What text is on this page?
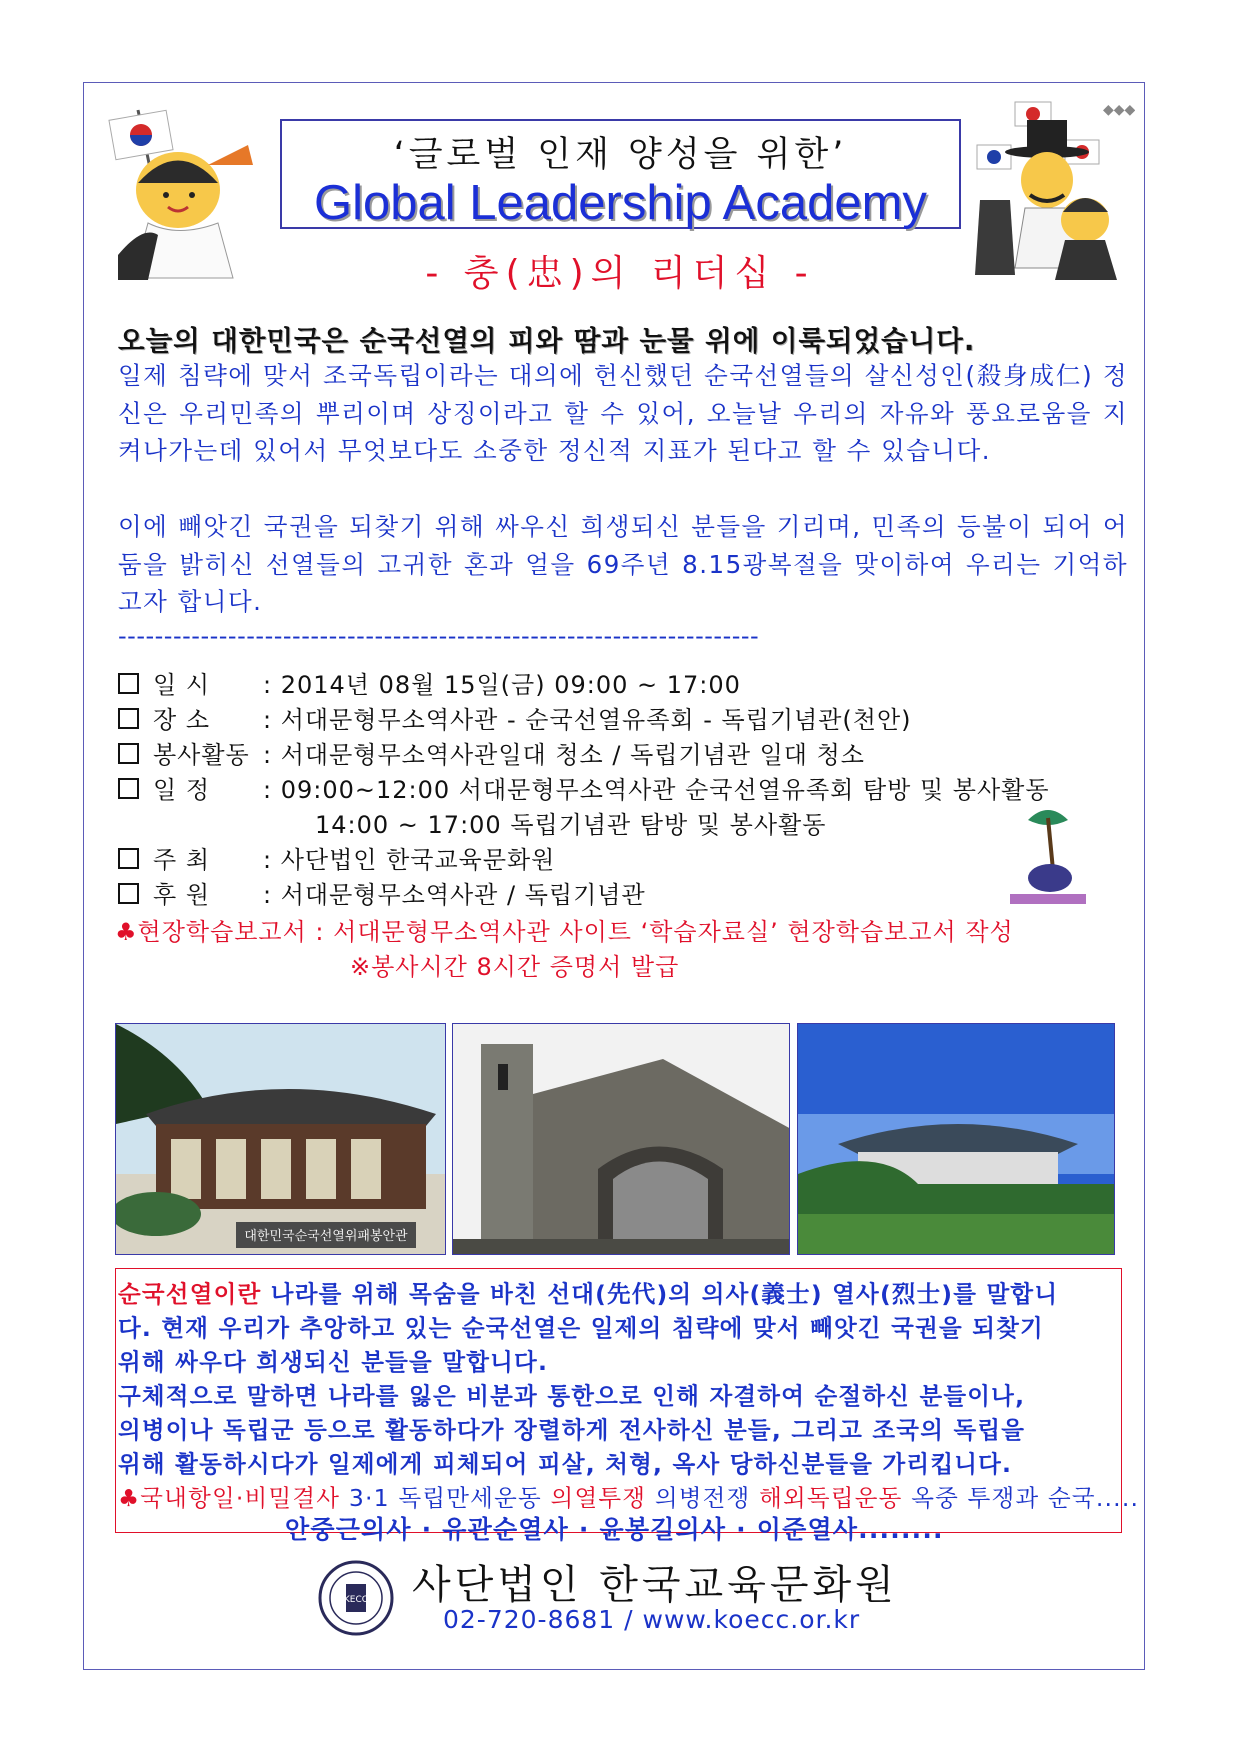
◆◆◆
‘글로벌 인재 양성을 위한’
Global Leadership Academy
- 충(忠)의 리더십 -
오늘의 대한민국은 순국선열의 피와 땀과 눈물 위에 이룩되었습니다.
일제 침략에 맞서 조국독립이라는 대의에 헌신했던 순국선열들의 살신성인(殺身成仁) 정신은 우리민족의 뿌리이며 상징이라고 할 수 있어, 오늘날 우리의 자유와 풍요로움을 지켜나가는데 있어서 무엇보다도 소중한 정신적 지표가 된다고 할 수 있습니다.
이에 빼앗긴 국권을 되찾기 위해 싸우신 희생되신 분들을 기리며, 민족의 등불이 되어 어둠을 밝히신 선열들의 고귀한 혼과 얼을 69주년 8.15광복절을 맞이하여 우리는 기억하고자 합니다.
----------------------------------------------------------------------
일 시 : 2014년 08월 15일(금) 09:00 ~ 17:00
장 소 : 서대문형무소역사관 - 순국선열유족회 - 독립기념관(천안)
봉사활동 : 서대문형무소역사관일대 청소 / 독립기념관 일대 청소
일 정 : 09:00~12:00 서대문형무소역사관 순국선열유족회 탐방 및 봉사활동
14:00 ~ 17:00 독립기념관 탐방 및 봉사활동
주 최 : 사단법인 한국교육문화원
후 원 : 서대문형무소역사관 / 독립기념관
♣현장학습보고서 : 서대문형무소역사관 사이트 ‘학습자료실’ 현장학습보고서 작성
※봉사시간 8시간 증명서 발급
대한민국순국선열위패봉안관
순국선열이란 나라를 위해 목숨을 바친 선대(先代)의 의사(義士) 열사(烈士)를 말합니
다. 현재 우리가 추앙하고 있는 순국선열은 일제의 침략에 맞서 빼앗긴 국권을 되찾기
위해 싸우다 희생되신 분들을 말합니다.
구체적으로 말하면 나라를 잃은 비분과 통한으로 인해 자결하여 순절하신 분들이나,
의병이나 독립군 등으로 활동하다가 장렬하게 전사하신 분들, 그리고 조국의 독립을
위해 활동하시다가 일제에게 피체되어 피살, 처형, 옥사 당하신분들을 가리킵니다.
♣국내항일·비밀결사 3·1 독립만세운동 의열투쟁 의병전쟁 해외독립운동 옥중 투쟁과 순국.....
안중근의사 · 유관순열사 · 윤봉길의사 · 이준열사........
KECC 사단법인 한국교육문화원
02-720-8681 / www.koecc.or.kr
